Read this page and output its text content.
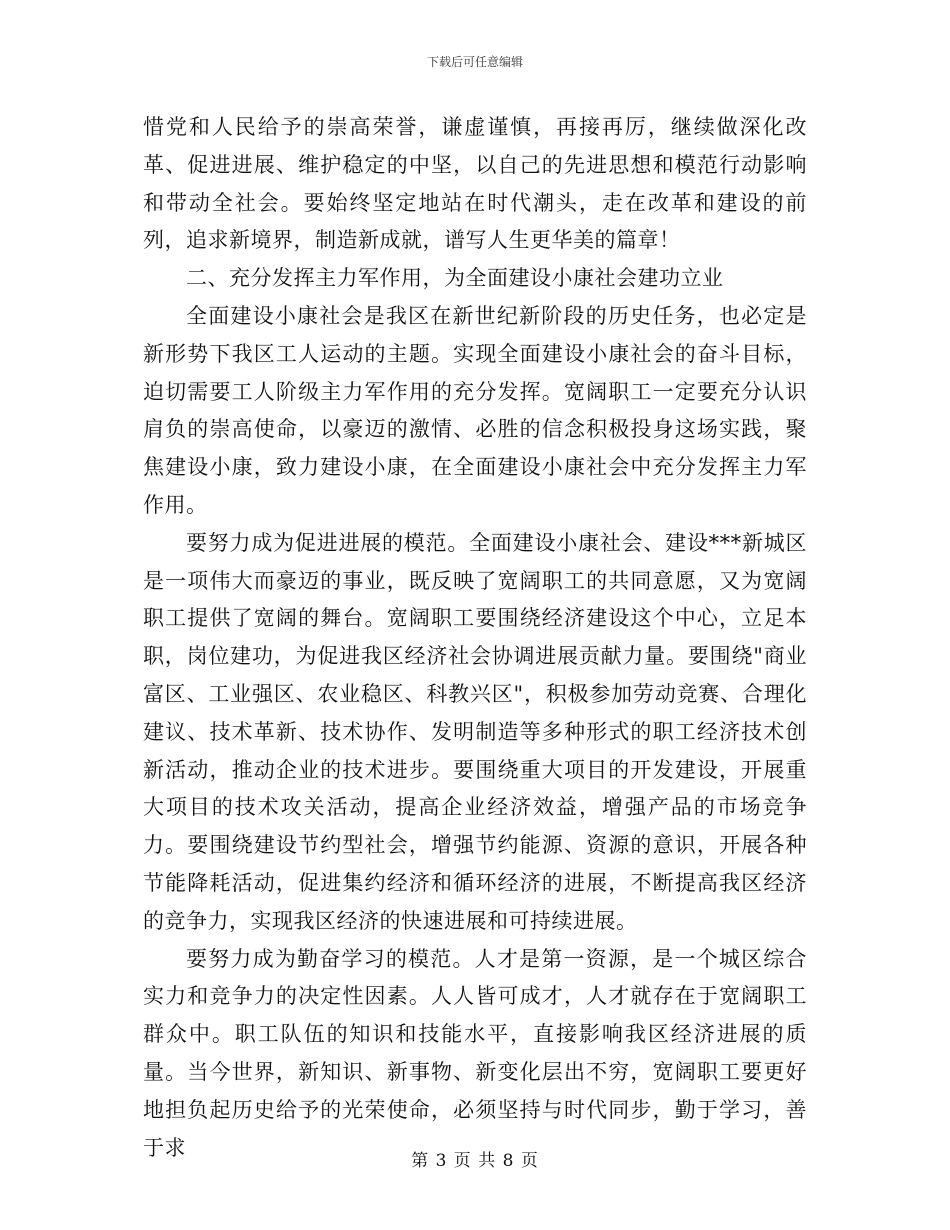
下载后可任意编辑

惜党和人民给予的崇高荣誉，谦虚谨慎，再接再厉，继续做深化改革、促进进展、维护稳定的中坚，以自己的先进思想和模范行动影响和带动全社会。要始终坚定地站在时代潮头，走在改革和建设的前列，追求新境界，制造新成就，谱写人生更华美的篇章！

二、充分发挥主力军作用，为全面建设小康社会建功立业

全面建设小康社会是我区在新世纪新阶段的历史任务，也必定是新形势下我区工人运动的主题。实现全面建设小康社会的奋斗目标，迫切需要工人阶级主力军作用的充分发挥。宽阔职工一定要充分认识肩负的崇高使命，以豪迈的激情、必胜的信念积极投身这场实践，聚焦建设小康，致力建设小康，在全面建设小康社会中充分发挥主力军作用。

要努力成为促进进展的模范。全面建设小康社会、建设***新城区是一项伟大而豪迈的事业，既反映了宽阔职工的共同意愿，又为宽阔职工提供了宽阔的舞台。宽阔职工要围绕经济建设这个中心，立足本职，岗位建功，为促进我区经济社会协调进展贡献力量。要围绕"商业富区、工业强区、农业稳区、科教兴区"，积极参加劳动竞赛、合理化建议、技术革新、技术协作、发明制造等多种形式的职工经济技术创新活动，推动企业的技术进步。要围绕重大项目的开发建设，开展重大项目的技术攻关活动，提高企业经济效益，增强产品的市场竞争力。要围绕建设节约型社会，增强节约能源、资源的意识，开展各种节能降耗活动，促进集约经济和循环经济的进展，不断提高我区经济的竞争力，实现我区经济的快速进展和可持续进展。

要努力成为勤奋学习的模范。人才是第一资源，是一个城区综合实力和竞争力的决定性因素。人人皆可成才，人才就存在于宽阔职工群众中。职工队伍的知识和技能水平，直接影响我区经济进展的质量。当今世界，新知识、新事物、新变化层出不穷，宽阔职工要更好地担负起历史给予的光荣使命，必须坚持与时代同步，勤于学习，善于求

第 3 页 共 8 页
